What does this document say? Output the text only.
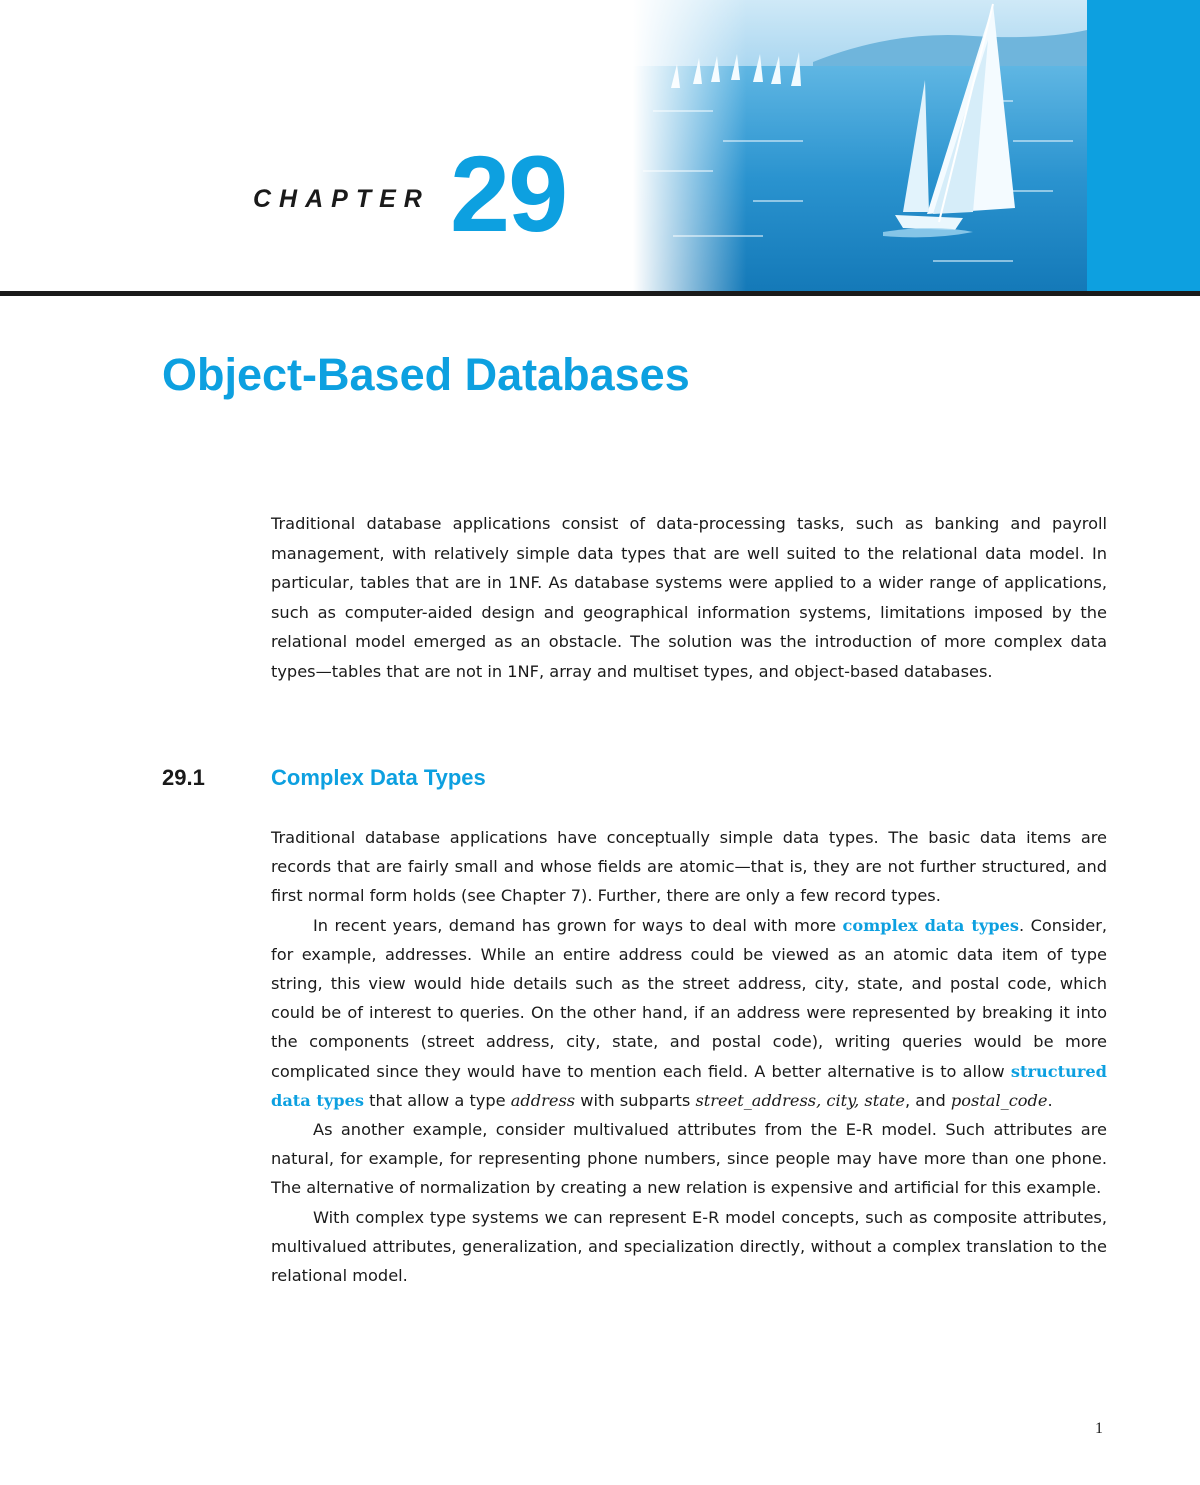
CHAPTER 29
Object-Based Databases

Traditional database applications consist of data-processing tasks, such as banking and payroll management, with relatively simple data types that are well suited to the relational data model. In particular, tables that are in 1NF. As database systems were applied to a wider range of applications, such as computer-aided design and geographical information systems, limitations imposed by the relational model emerged as an obstacle. The solution was the introduction of more complex data types—tables that are not in 1NF, array and multiset types, and object-based databases.

29.1	Complex Data Types

Traditional database applications have conceptually simple data types. The basic data items are records that are fairly small and whose fields are atomic—that is, they are not further structured, and first normal form holds (see Chapter 7). Further, there are only a few record types.

In recent years, demand has grown for ways to deal with more complex data types. Consider, for example, addresses. While an entire address could be viewed as an atomic data item of type string, this view would hide details such as the street address, city, state, and postal code, which could be of interest to queries. On the other hand, if an address were represented by breaking it into the components (street address, city, state, and postal code), writing queries would be more complicated since they would have to mention each field. A better alternative is to allow structured data types that allow a type address with subparts street_address, city, state, and postal_code.

As another example, consider multivalued attributes from the E-R model. Such attributes are natural, for example, for representing phone numbers, since people may have more than one phone. The alternative of normalization by creating a new relation is expensive and artificial for this example.

With complex type systems we can represent E-R model concepts, such as composite attributes, multivalued attributes, generalization, and specialization directly, without a complex translation to the relational model.

1
